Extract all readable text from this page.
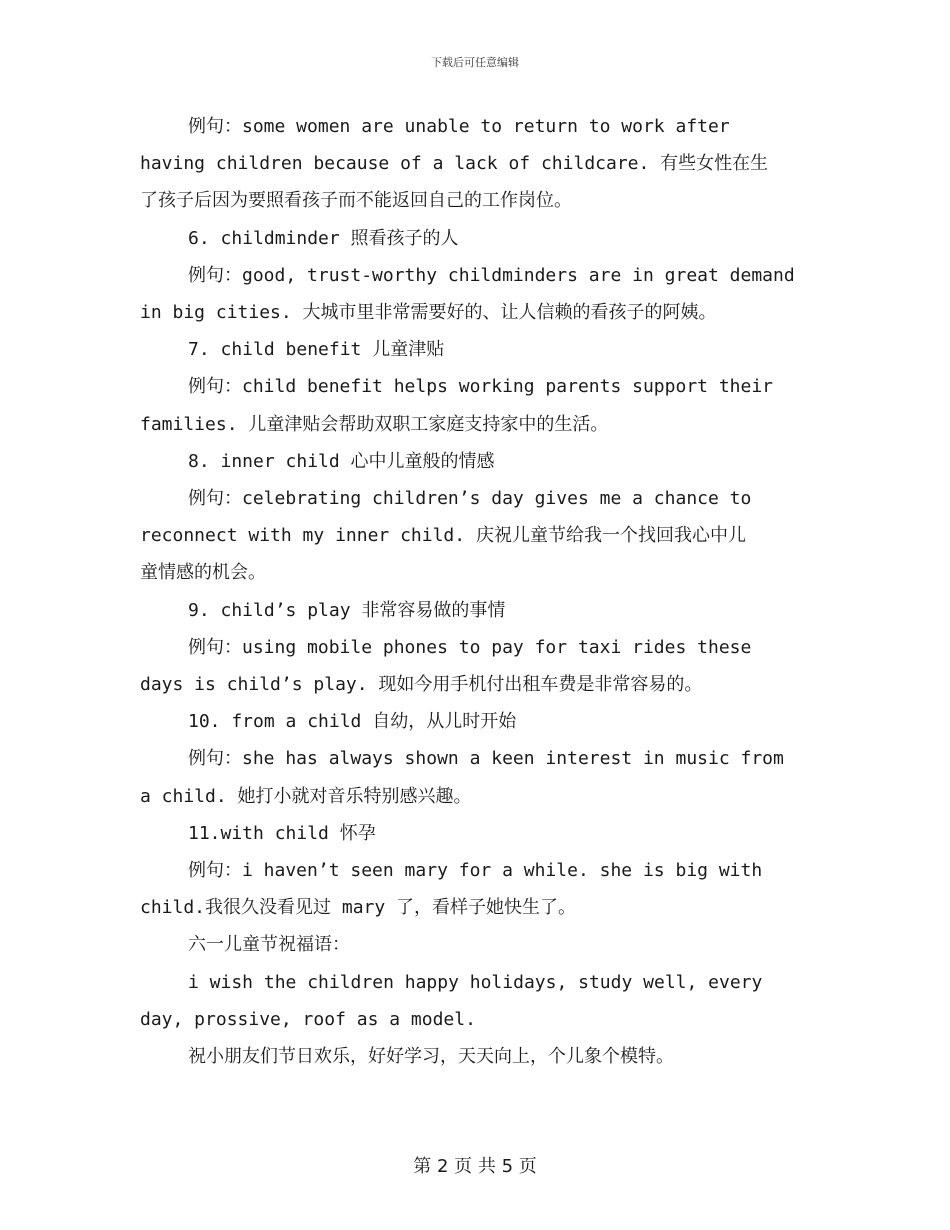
下载后可任意编辑
例句：some women are unable to return to work after
having children because of a lack of childcare. 有些女性在生
了孩子后因为要照看孩子而不能返回自己的工作岗位。
6. childminder 照看孩子的人
例句：good, trust-worthy childminders are in great demand
in big cities. 大城市里非常需要好的、让人信赖的看孩子的阿姨。
7. child benefit 儿童津贴
例句：child benefit helps working parents support their
families. 儿童津贴会帮助双职工家庭支持家中的生活。
8. inner child 心中儿童般的情感
例句：celebrating children’s day gives me a chance to
reconnect with my inner child. 庆祝儿童节给我一个找回我心中儿
童情感的机会。
9. child’s play 非常容易做的事情
例句：using mobile phones to pay for taxi rides these
days is child’s play. 现如今用手机付出租车费是非常容易的。
10. from a child 自幼，从儿时开始
例句：she has always shown a keen interest in music from
a child. 她打小就对音乐特别感兴趣。
11.with child 怀孕
例句：i haven’t seen mary for a while. she is big with
child.我很久没看见过 mary 了，看样子她快生了。
六一儿童节祝福语：
i wish the children happy holidays, study well, every
day, prossive, roof as a model.
祝小朋友们节日欢乐，好好学习，天天向上，个儿象个模特。
第 2 页 共 5 页
